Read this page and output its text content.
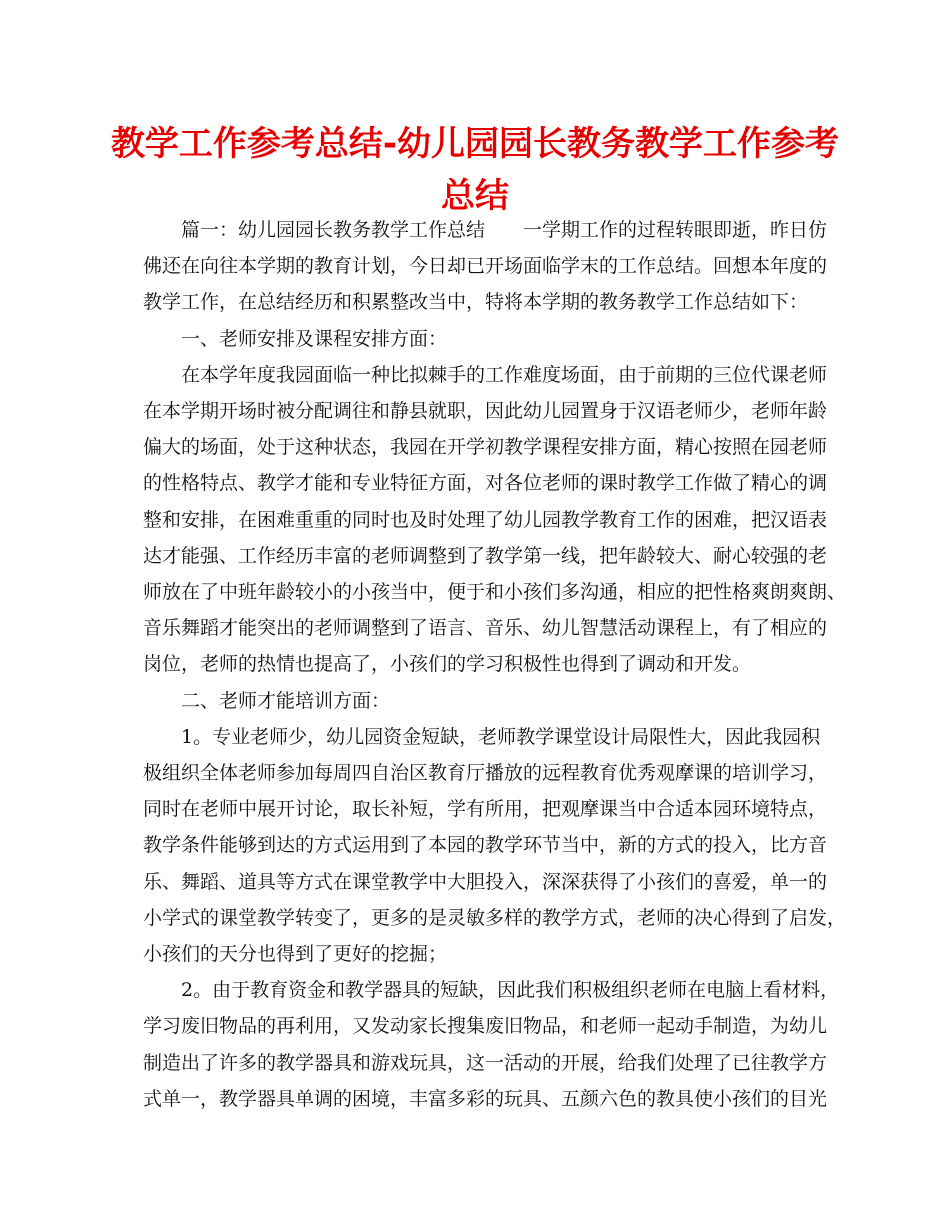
教学工作参考总结-幼儿园园长教务教学工作参考
总结
篇一：幼儿园园长教务教学工作总结　　一学期工作的过程转眼即逝，昨日仿
佛还在向往本学期的教育计划，今日却已开场面临学末的工作总结。回想本年度的
教学工作，在总结经历和积累整改当中，特将本学期的教务教学工作总结如下：
一、老师安排及课程安排方面：
在本学年度我园面临一种比拟棘手的工作难度场面，由于前期的三位代课老师
在本学期开场时被分配调往和静县就职，因此幼儿园置身于汉语老师少，老师年龄
偏大的场面，处于这种状态，我园在开学初教学课程安排方面，精心按照在园老师
的性格特点、教学才能和专业特征方面，对各位老师的课时教学工作做了精心的调
整和安排，在困难重重的同时也及时处理了幼儿园教学教育工作的困难，把汉语表
达才能强、工作经历丰富的老师调整到了教学第一线，把年龄较大、耐心较强的老
师放在了中班年龄较小的小孩当中，便于和小孩们多沟通，相应的把性格爽朗爽朗、
音乐舞蹈才能突出的老师调整到了语言、音乐、幼儿智慧活动课程上，有了相应的
岗位，老师的热情也提高了，小孩们的学习积极性也得到了调动和开发。
二、老师才能培训方面：
1。专业老师少，幼儿园资金短缺，老师教学课堂设计局限性大，因此我园积
极组织全体老师参加每周四自治区教育厅播放的远程教育优秀观摩课的培训学习，
同时在老师中展开讨论，取长补短，学有所用，把观摩课当中合适本园环境特点，
教学条件能够到达的方式运用到了本园的教学环节当中，新的方式的投入，比方音
乐、舞蹈、道具等方式在课堂教学中大胆投入，深深获得了小孩们的喜爱，单一的
小学式的课堂教学转变了，更多的是灵敏多样的教学方式，老师的决心得到了启发，
小孩们的天分也得到了更好的挖掘；
2。由于教育资金和教学器具的短缺，因此我们积极组织老师在电脑上看材料，
学习废旧物品的再利用，又发动家长搜集废旧物品，和老师一起动手制造，为幼儿
制造出了许多的教学器具和游戏玩具，这一活动的开展，给我们处理了已往教学方
式单一，教学器具单调的困境，丰富多彩的玩具、五颜六色的教具使小孩们的目光
